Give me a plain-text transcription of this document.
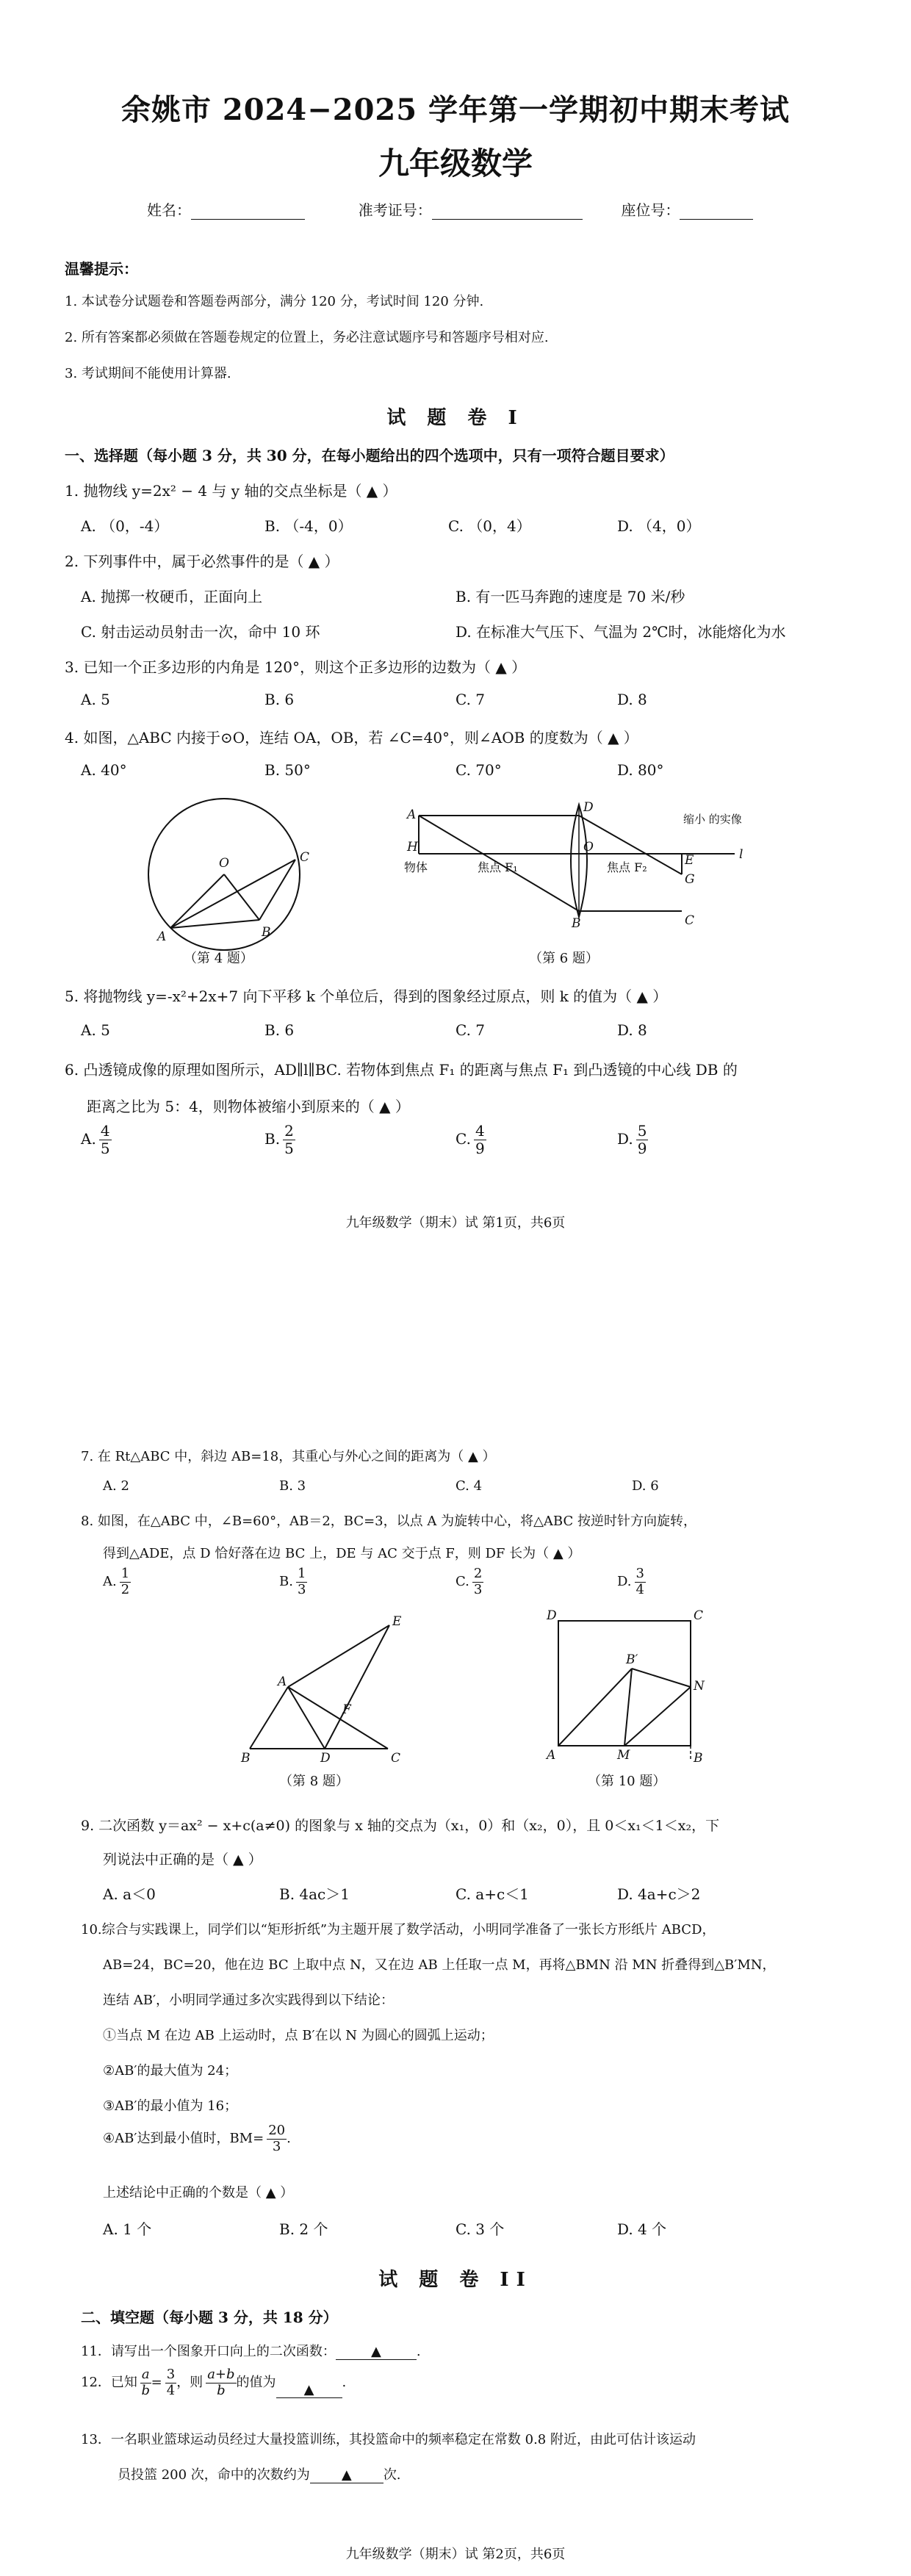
余姚市 2024−2025 学年第一学期初中期末考试
九年级数学
姓名：	准考证号：	座位号：
温馨提示：
1. 本试卷分试题卷和答题卷两部分，满分 120 分，考试时间 120 分钟.
2. 所有答案都必须做在答题卷规定的位置上，务必注意试题序号和答题序号相对应.
3. 考试期间不能使用计算器.
试 题 卷 I
一、选择题（每小题 3 分，共 30 分，在每小题给出的四个选项中，只有一项符合题目要求）
1. 抛物线 y=2x² − 4 与 y 轴的交点坐标是（ ▲ ）
A. （0，-4）	B. （-4，0）	C. （0，4）	D. （4，0）
2. 下列事件中，属于必然事件的是（ ▲ ）
A. 抛掷一枚硬币，正面向上	B. 有一匹马奔跑的速度是 70 米/秒
C. 射击运动员射击一次，命中 10 环	D. 在标准大气压下、气温为 2℃时，冰能熔化为水
3. 已知一个正多边形的内角是 120°，则这个正多边形的边数为（ ▲ ）
A. 5	B. 6	C. 7	D. 8
4. 如图，△ABC 内接于⊙O，连结 OA，OB，若 ∠C=40°，则∠AOB 的度数为（ ▲ ）
A. 40°	B. 50°	C. 70°	D. 80°
O
A	B
C
（第 4 题）
A
H
物体	焦点 F₁
D
O
焦点 F₂
缩小 的实像
E
G
B	C
l
（第 6 题）
5. 将抛物线 y=-x²+2x+7 向下平移 k 个单位后，得到的图象经过原点，则 k 的值为（ ▲ ）
A. 5	B. 6	C. 7	D. 8
6. 凸透镜成像的原理如图所示，AD∥l∥BC. 若物体到焦点 F₁ 的距离与焦点 F₁ 到凸透镜的中心线 DB 的
距离之比为 5：4，则物体被缩小到原来的（ ▲ ）
A. $\frac{4}{5}$	B. $\frac{2}{5}$	C. $\frac{4}{9}$	D. $\frac{5}{9}$
九年级数学（期末）试 第1页，共6页
7. 在 Rt△ABC 中，斜边 AB=18，其重心与外心之间的距离为（ ▲ ）
A. 2	B. 3	C. 4	D. 6
8. 如图，在△ABC 中，∠B=60°，AB＝2，BC=3，以点 A 为旋转中心，将△ABC 按逆时针方向旋转，
得到△ADE，点 D 恰好落在边 BC 上，DE 与 AC 交于点 F，则 DF 长为（ ▲ ）
A. $\frac{1}{2}$	B. $\frac{1}{3}$	C. $\frac{2}{3}$	D. $\frac{3}{4}$
A
B	C
D
E
F
（第 8 题）
D	C
A	M	B
N
B′
（第 10 题）
9. 二次函数 y＝ax² − x+c(a≠0) 的图象与 x 轴的交点为（x₁，0）和（x₂，0），且 0＜x₁＜1＜x₂，下
列说法中正确的是（ ▲ ）
A. a＜0	B. 4ac＞1	C. a+c＜1	D. 4a+c＞2
10.综合与实践课上，同学们以“矩形折纸”为主题开展了数学活动，小明同学准备了一张长方形纸片 ABCD，
AB=24，BC=20，他在边 BC 上取中点 N，又在边 AB 上任取一点 M，再将△BMN 沿 MN 折叠得到△B′MN，
连结 AB′，小明同学通过多次实践得到以下结论：
①当点 M 在边 AB 上运动时，点 B′在以 N 为圆心的圆弧上运动；
②AB′的最大值为 24；
③AB′的最小值为 16；
④AB′达到最小值时，$BM= \frac{20}{3}$ .
上述结论中正确的个数是（ ▲ ）
A. 1 个	B. 2 个	C. 3 个	D. 4 个
试 题 卷 II
二、填空题（每小题 3 分，共 18 分）
11．请写出一个图象开口向上的二次函数：	▲	.
12．已知 $\frac{a}{b} = \frac{3}{4}$ ，则 $\frac{a+b}{b}$ 的值为 ▲ .
13．一名职业篮球运动员经过大量投篮训练，其投篮命中的频率稳定在常数 0.8 附近，由此可估计该运动
员投篮 200 次，命中的次数约为 ▲ 次.
九年级数学（期末）试 第2页，共6页
